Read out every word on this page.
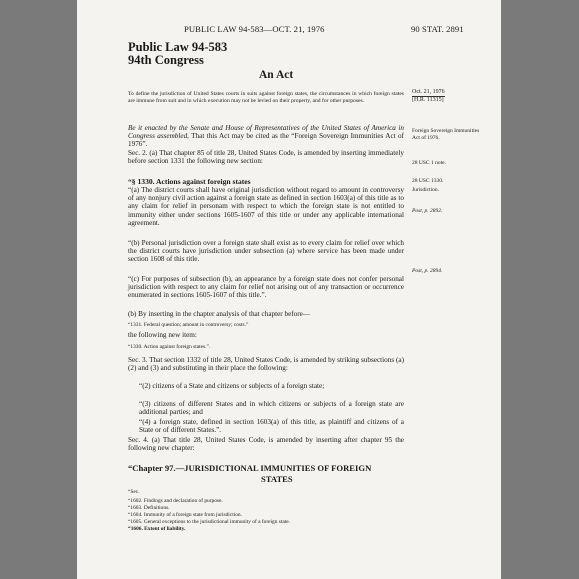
PUBLIC LAW 94-583—OCT. 21, 1976	90 STAT. 2891
Public Law 94-583
94th Congress
An Act
Oct. 21, 1976
[H.R. 11315]
To define the jurisdiction of United States courts in suits against foreign states, the circumstances in which foreign states are immune from suit and in which execution may not be levied on their property, and for other purposes.
Be it enacted by the Senate and House of Representatives of the United States of America in Congress assembled, That this Act may be cited as the “Foreign Sovereign Immunities Act of 1976”.
Foreign Sovereign Immunities Act of 1976.
28 USC 1 note.
Sec. 2. (a) That chapter 85 of title 28, United States Code, is amended by inserting immediately before section 1331 the following new section:
“§ 1330. Actions against foreign states	28 USC 1330.
Jurisdiction.
“(a) The district courts shall have original jurisdiction without regard to amount in controversy of any nonjury civil action against a foreign state as defined in section 1603(a) of this title as to any claim for relief in personam with respect to which the foreign state is not entitled to immunity either under sections 1605-1607 of this title or under any applicable international agreement.
Post, p. 2892.
“(b) Personal jurisdiction over a foreign state shall exist as to every claim for relief over which the district courts have jurisdiction under subsection (a) where service has been made under section 1608 of this title.
Post, p. 2894.
“(c) For purposes of subsection (b), an appearance by a foreign state does not confer personal jurisdiction with respect to any claim for relief not arising out of any transaction or occurrence enumerated in sections 1605-1607 of this title.”.
(b) By inserting in the chapter analysis of that chapter before—
“1331. Federal question; amount in controversy; costs.”
the following new item:
“1330. Action against foreign states.”.
Sec. 3. That section 1332 of title 28, United States Code, is amended by striking subsections (a) (2) and (3) and substituting in their place the following:
“(2) citizens of a State and citizens or subjects of a foreign state;
“(3) citizens of different States and in which citizens or subjects of a foreign state are additional parties; and
“(4) a foreign state, defined in section 1603(a) of this title, as plaintiff and citizens of a State or of different States.”.
Sec. 4. (a) That title 28, United States Code, is amended by inserting after chapter 95 the following new chapter:
“Chapter 97.—JURISDICTIONAL IMMUNITIES OF FOREIGN
STATES
“Sec.
“1602. Findings and declaration of purpose.
“1603. Definitions.
“1604. Immunity of a foreign state from jurisdiction.
“1605. General exceptions to the jurisdictional immunity of a foreign state.
“1606. Extent of liability.
